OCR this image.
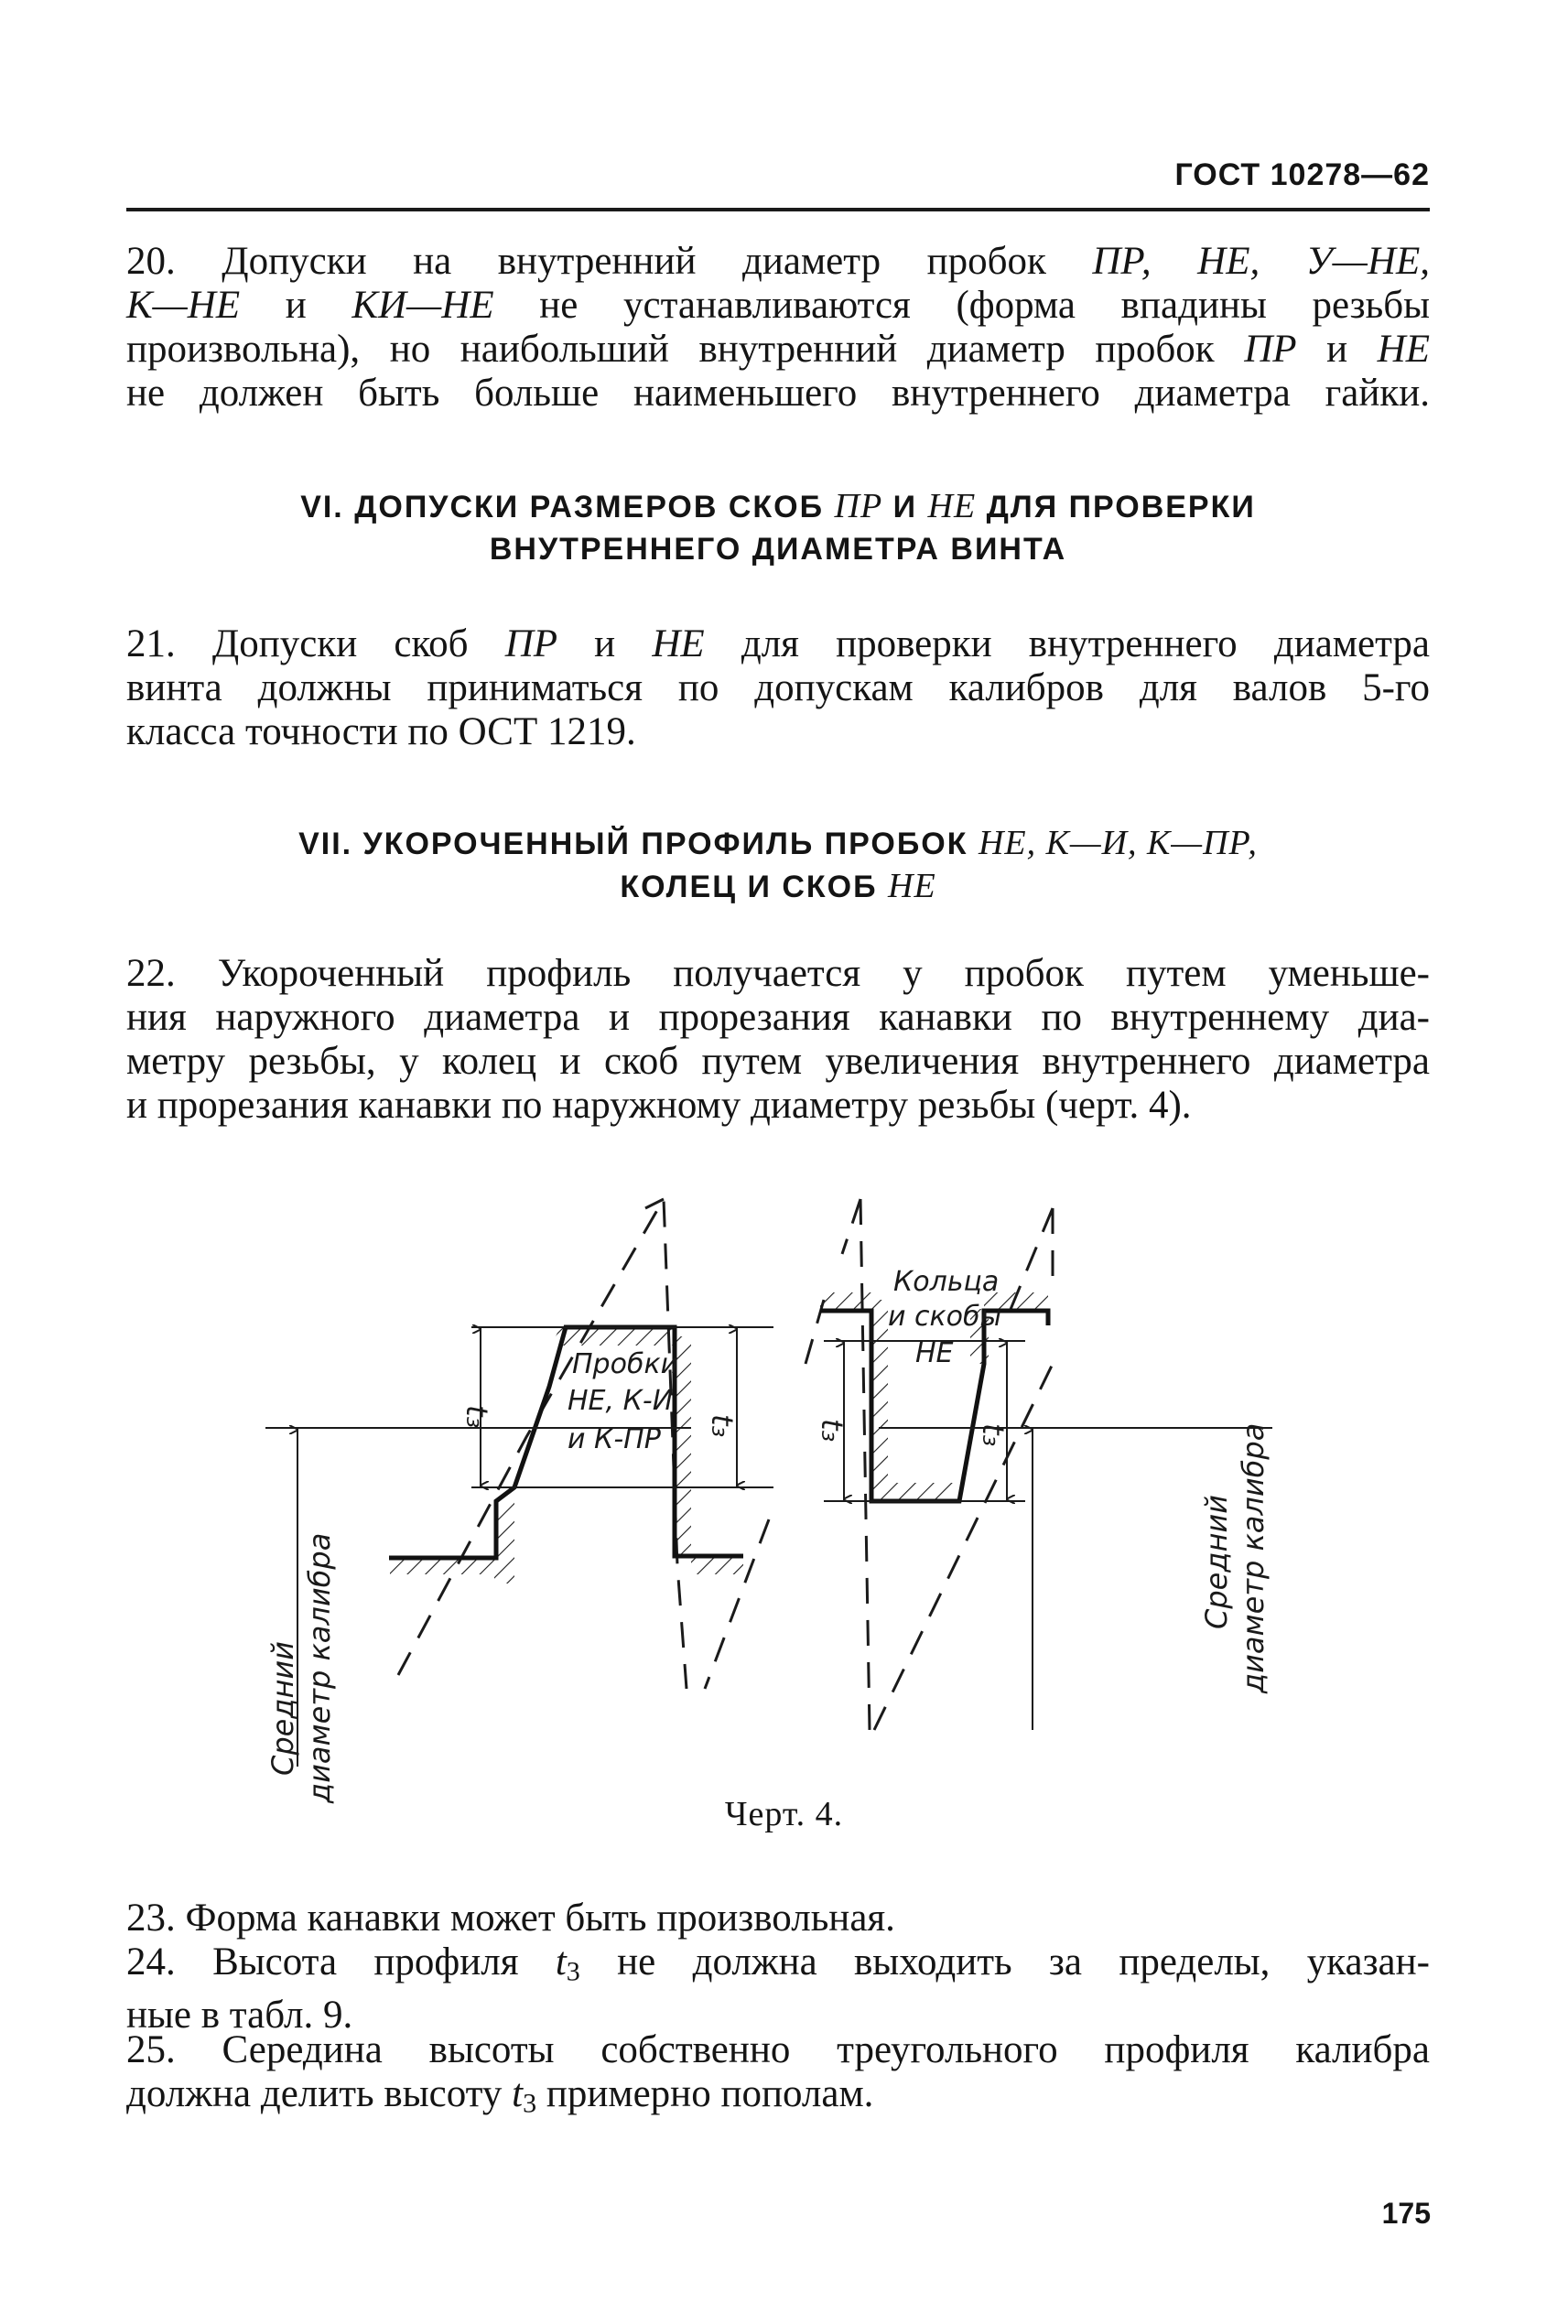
ГОСТ 10278—62

20. Допуски на внутренний диаметр пробок ПР, НЕ, У—НЕ,
К—НЕ и КИ—НЕ не устанавливаются (форма впадины резьбы
произвольна), но наибольший внутренний диаметр пробок ПР и НЕ
не должен быть больше наименьшего внутреннего диаметра гайки.

VI. ДОПУСКИ РАЗМЕРОВ СКОБ ПР И НЕ ДЛЯ ПРОВЕРКИ
ВНУТРЕННЕГО ДИАМЕТРА ВИНТА

21. Допуски скоб ПР и НЕ для проверки внутреннего диаметра
винта должны приниматься по допускам калибров для валов 5-го
класса точности по ОСТ 1219.

VII. УКОРОЧЕННЫЙ ПРОФИЛЬ ПРОБОК НЕ, К—И, К—ПР,
КОЛЕЦ И СКОБ НЕ

22. Укороченный профиль получается у пробок путем уменьше-
ния наружного диаметра и прорезания канавки по внутреннему диа-
метру резьбы, у колец и скоб путем увеличения внутреннего диаметра
и прорезания канавки по наружному диаметру резьбы (черт. 4).

Пробки
НЕ, К-И
и К-ПР
Кольца
и скобы
НЕ
t₃	t₃	t₃	t₃
Средний диаметр калибра	Средний диаметр калибра
Черт. 4.

23. Форма канавки может быть произвольная.

24. Высота профиля t3 не должна выходить за пределы, указан-
ные в табл. 9.

25. Середина высоты собственно треугольного профиля калибра
должна делить высоту t3 примерно пополам.

175
